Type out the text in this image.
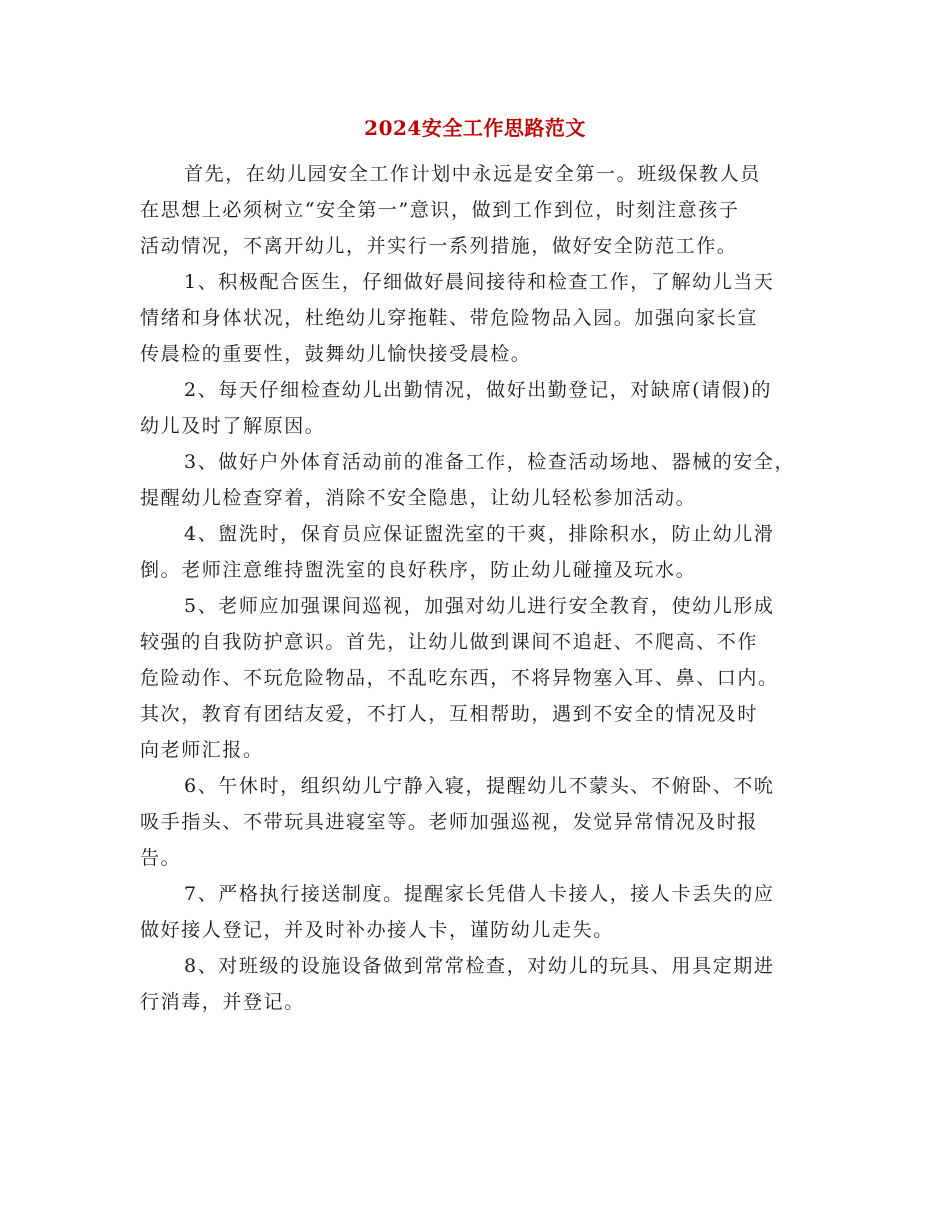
2024安全工作思路范文

首先，在幼儿园安全工作计划中永远是安全第一。班级保教人员
在思想上必须树立“安全第一”意识，做到工作到位，时刻注意孩子
活动情况，不离开幼儿，并实行一系列措施，做好安全防范工作。

1、积极配合医生，仔细做好晨间接待和检查工作，了解幼儿当天
情绪和身体状况，杜绝幼儿穿拖鞋、带危险物品入园。加强向家长宣
传晨检的重要性，鼓舞幼儿愉快接受晨检。

2、每天仔细检查幼儿出勤情况，做好出勤登记，对缺席(请假)的
幼儿及时了解原因。

3、做好户外体育活动前的准备工作，检查活动场地、器械的安全，
提醒幼儿检查穿着，消除不安全隐患，让幼儿轻松参加活动。

4、盥洗时，保育员应保证盥洗室的干爽，排除积水，防止幼儿滑
倒。老师注意维持盥洗室的良好秩序，防止幼儿碰撞及玩水。

5、老师应加强课间巡视，加强对幼儿进行安全教育，使幼儿形成
较强的自我防护意识。首先，让幼儿做到课间不追赶、不爬高、不作
危险动作、不玩危险物品，不乱吃东西，不将异物塞入耳、鼻、口内。
其次，教育有团结友爱，不打人，互相帮助，遇到不安全的情况及时
向老师汇报。

6、午休时，组织幼儿宁静入寝，提醒幼儿不蒙头、不俯卧、不吮
吸手指头、不带玩具进寝室等。老师加强巡视，发觉异常情况及时报
告。

7、严格执行接送制度。提醒家长凭借人卡接人，接人卡丢失的应
做好接人登记，并及时补办接人卡，谨防幼儿走失。

8、对班级的设施设备做到常常检查，对幼儿的玩具、用具定期进
行消毒，并登记。
